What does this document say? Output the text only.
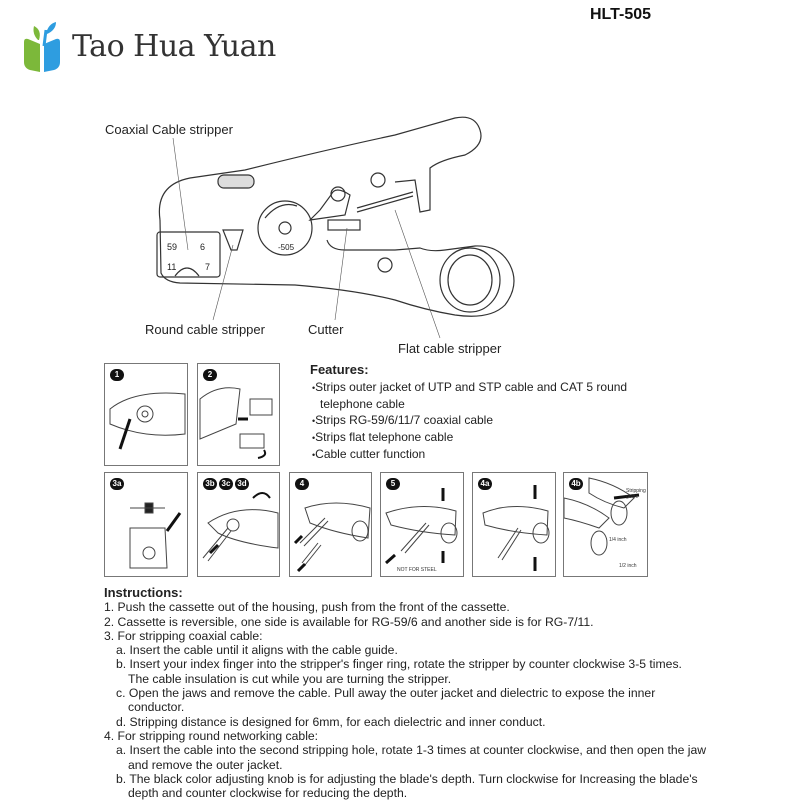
Tao Hua Yuan
HLT-505
59	6
11	7
-505
Coaxial Cable stripper
Round cable stripper	Cutter
Flat cable stripper
1	2	Features:
• Strips outer jacket of UTP and STP cable and CAT 5 round telephone cable
• Strips RG-59/6/11/7 coaxial cable
• Strips flat telephone cable
• Cable cutter function
3a	3b 3c 3d	4	5
NOT FOR STEEL
4a	4b
Stripping guide
1/4 inch
1/2 inch
Instructions:
1. Push the cassette out of the housing, push from the front of the cassette.
2. Cassette is reversible, one side is available for RG-59/6 and another side is for RG-7/11.
3. For stripping coaxial cable:
a. Insert the cable until it aligns with the cable guide.
b. Insert your index finger into the stripper's finger ring, rotate the stripper by counter clockwise 3-5 times.
The cable insulation is cut while you are turning the stripper.
c. Open the jaws and remove the cable. Pull away the outer jacket and dielectric to expose the inner
conductor.
d. Stripping distance is designed for 6mm, for each dielectric and inner conduct.
4. For stripping round networking cable:
a. Insert the cable into the second stripping hole, rotate 1-3 times at counter clockwise, and then open the jaw
and remove the outer jacket.
b. The black color adjusting knob is for adjusting the blade's depth. Turn clockwise for Increasing the blade's
depth and counter clockwise for reducing the depth.
